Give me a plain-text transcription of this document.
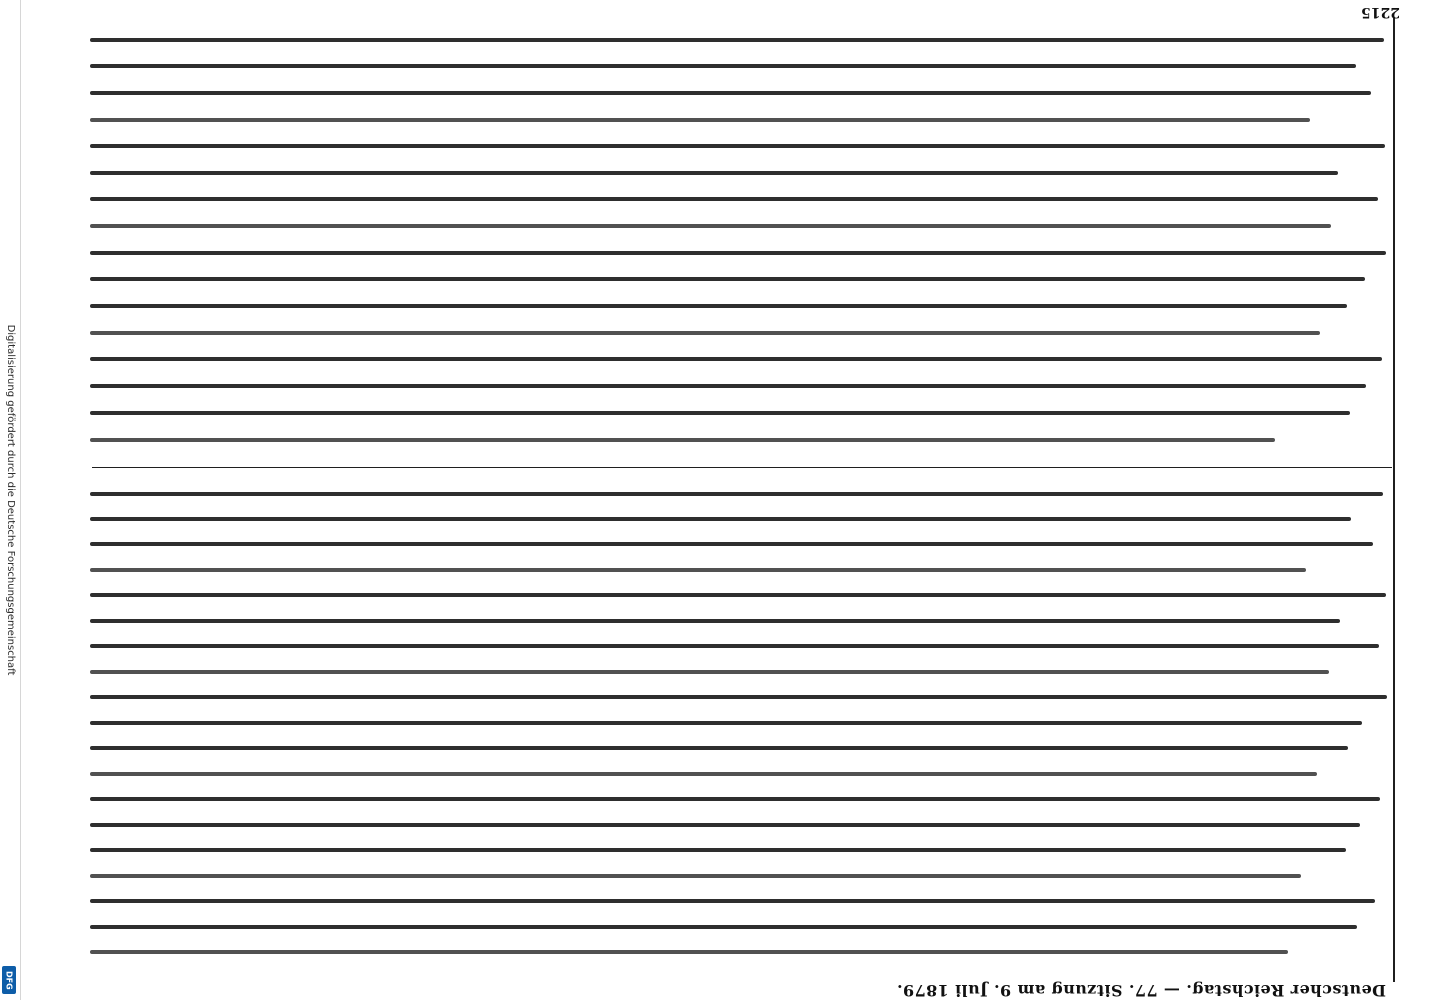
Digitalisierung gefördert durch die Deutsche Forschungsgemeinschaft
DFG
Deutscher Reichstag. — 77. Sitzung am 9. Juli 1879.
2215
